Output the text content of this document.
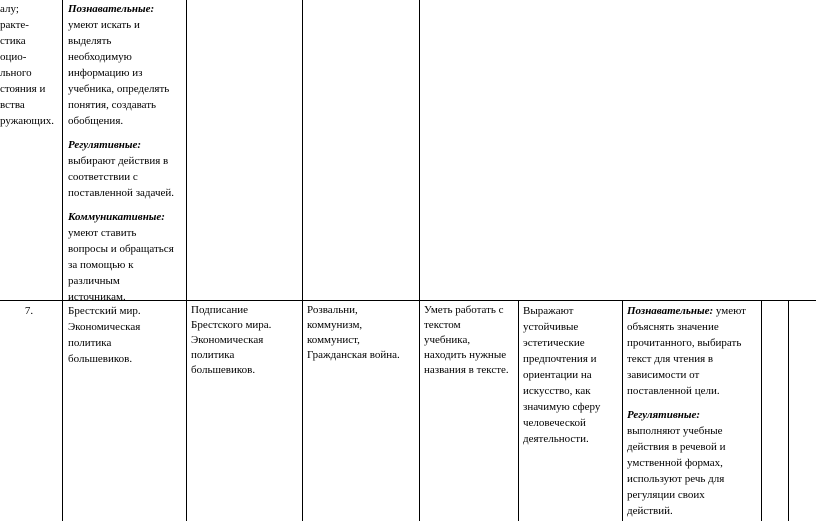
алу;
ракте-
стика
оцио-
льного
стояния и
вства
ружающих.
Познавательные:
умеют искать и
выделять
необходимую
информацию из
учебника, определять
понятия, создавать
обобщения.
Регулятивные:
выбирают действия в
соответствии с
поставленной задачей.
Коммуникативные:
умеют ставить
вопросы и обращаться
за помощью к
различным
источникам.
7.	Брестский мир.
Экономическая
политика
большевиков.
Подписание
Брестского мира.
Экономическая
политика
большевиков.
Розвальни,
коммунизм,
коммунист,
Гражданская война.
Уметь работать с
текстом
учебника,
находить нужные
названия в тексте.
Выражают
устойчивые
эстетические
предпочтения и
ориентации на
искусство, как
значимую сферу
человеческой
деятельности.
Познавательные: умеют
объяснять значение
прочитанного, выбирать
текст для чтения в
зависимости от
поставленной цели.
Регулятивные:
выполняют учебные
действия в речевой и
умственной формах,
используют речь для
регуляции своих
действий.
